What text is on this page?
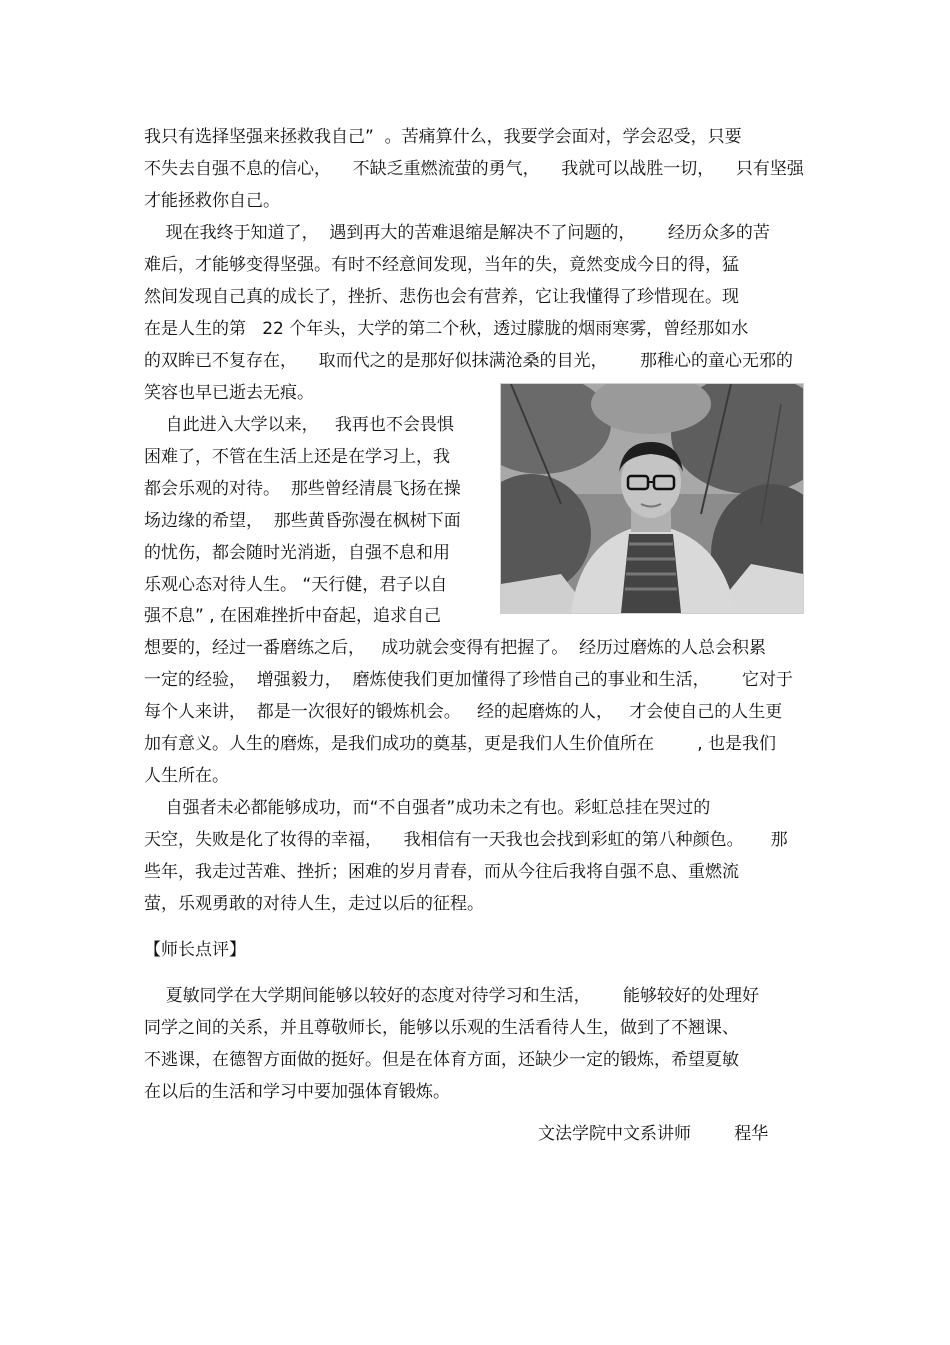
我只有选择坚强来拯救我自己”  。苦痛算什么，我要学会面对，学会忍受，只要

不失去自强不息的信心，    不缺乏重燃流萤的勇气，    我就可以战胜一切，    只有坚强

才能拯救你自己。

现在我终于知道了，  遇到再大的苦难退缩是解决不了问题的，      经历众多的苦

难后，才能够变得坚强。有时不经意间发现，当年的失，竟然变成今日的得，猛

然间发现自己真的成长了，挫折、悲伤也会有营养，它让我懂得了珍惜现在。现

在是人生的第   22 个年头，大学的第二个秋，透过朦胧的烟雨寒雾，曾经那如水

的双眸已不复存在，    取而代之的是那好似抹满沧桑的目光，      那稚心的童心无邪的

笑容也早已逝去无痕。

自此进入大学以来，   我再也不会畏惧

困难了，不管在生活上还是在学习上，我

都会乐观的对待。  那些曾经清晨飞扬在操

场边缘的希望，  那些黄昏弥漫在枫树下面

的忧伤，都会随时光消逝，自强不息和用

乐观心态对待人生。 “天行健，君子以自

强不息” , 在困难挫折中奋起，追求自己

想要的，经过一番磨练之后，   成功就会变得有把握了。  经历过磨炼的人总会积累

一定的经验，  增强毅力，  磨炼使我们更加懂得了珍惜自己的事业和生活，      它对于

每个人来讲，  都是一次很好的锻炼机会。   经的起磨炼的人，   才会使自己的人生更

加有意义。人生的磨炼，是我们成功的奠基，更是我们人生价值所在        , 也是我们

人生所在。

自强者未必都能够成功，而“不自强者”成功未之有也。彩虹总挂在哭过的

天空，失败是化了妆得的幸福，    我相信有一天我也会找到彩虹的第八种颜色。     那

些年，我走过苦难、挫折；困难的岁月青春，而从今往后我将自强不息、重燃流

萤，乐观勇敢的对待人生，走过以后的征程。

【师长点评】

夏敏同学在大学期间能够以较好的态度对待学习和生活，      能够较好的处理好

同学之间的关系，并且尊敬师长，能够以乐观的生活看待人生，做到了不翘课、

不逃课，在德智方面做的挺好。但是在体育方面，还缺少一定的锻炼，希望夏敏

在以后的生活和学习中要加强体育锻炼。

文法学院中文系讲师        程华
